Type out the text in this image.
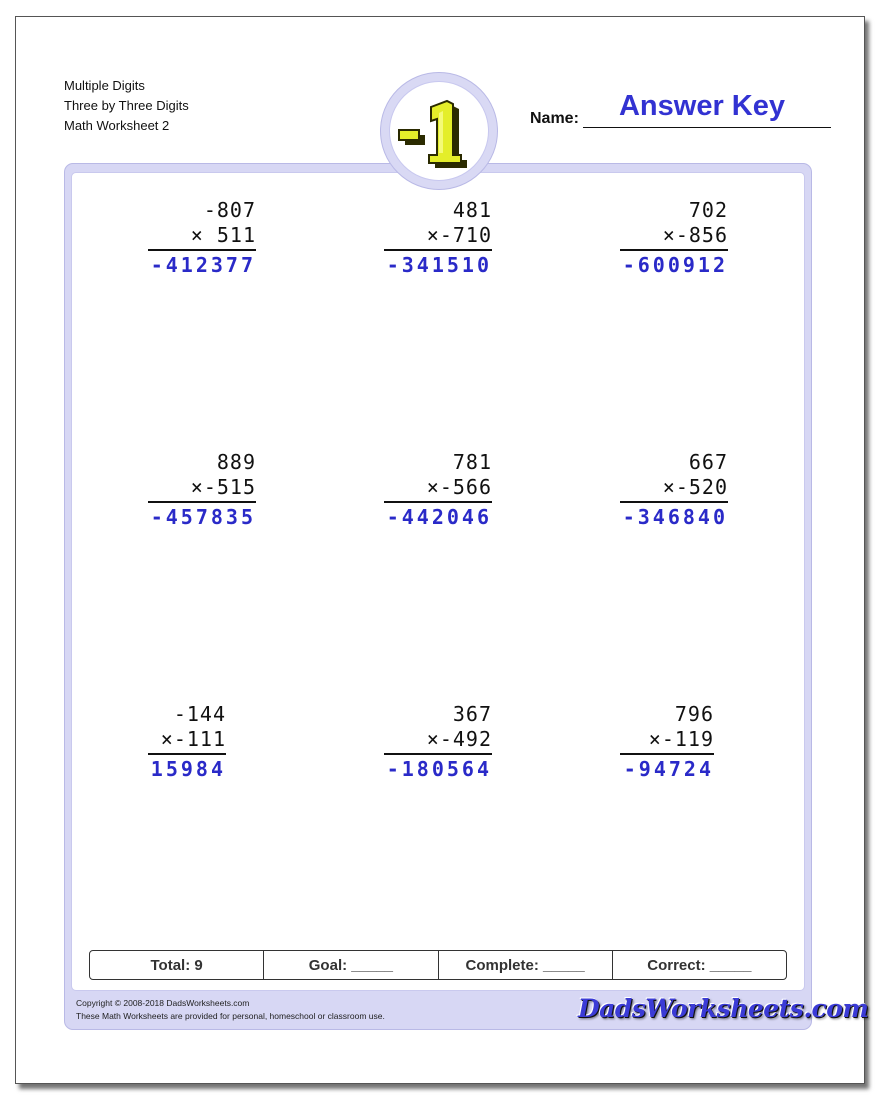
Multiple Digits
Three by Three Digits
Math Worksheet 2	Name:	Answer Key
-807
× 511
-412377
481
×-710
-341510
702
×-856
-600912
889
×-515
-457835
781
×-566
-442046
667
×-520
-346840
-144
×-111
15984
367
×-492
-180564
796
×-119
-94724
Total: 9	Goal: _____	Complete: _____	Correct: _____
Copyright © 2008-2018 DadsWorksheets.com
These Math Worksheets are provided for personal, homeschool or classroom use.	DadsWorksheets.com
